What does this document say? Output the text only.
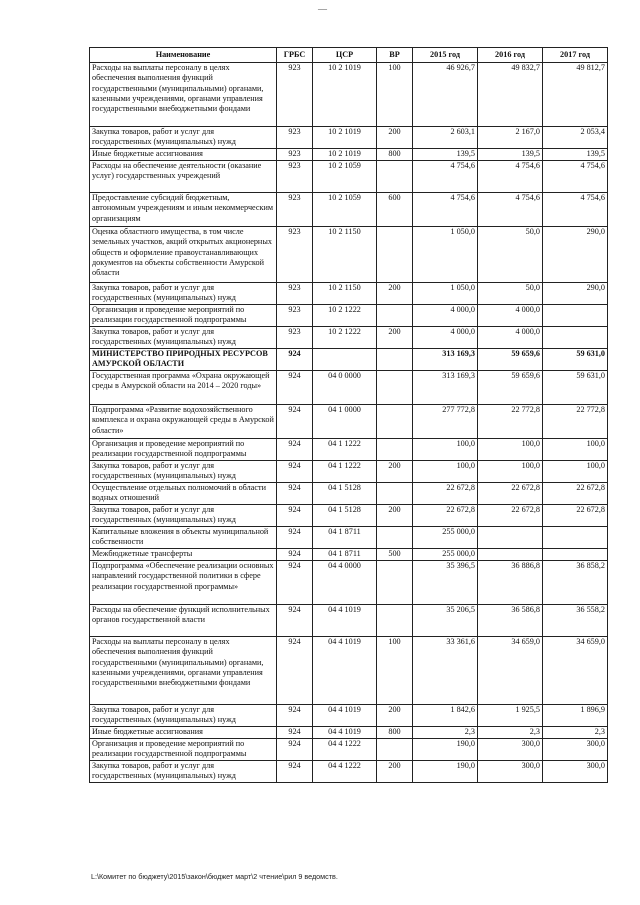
—
Наименование	ГРБС	ЦСР	ВР	2015 год	2016 год	2017 год
Расходы на выплаты персоналу в целях обеспечения выполнения функций государственными (муниципальными) органами, казенными учреждениями, органами управления государственными внебюджетными фондами	923	10 2 1019	100	46 926,7	49 832,7	49 812,7
Закупка товаров, работ и услуг для государственных (муниципальных) нужд	923	10 2 1019	200	2 603,1	2 167,0	2 053,4
Иные бюджетные ассигнования	923	10 2 1019	800	139,5	139,5	139,5
Расходы на обеспечение деятельности (оказание услуг) государственных учреждений	923	10 2 1059		4 754,6	4 754,6	4 754,6
Предоставление субсидий бюджетным, автономным учреждениям и иным некоммерческим организациям	923	10 2 1059	600	4 754,6	4 754,6	4 754,6
Оценка областного имущества, в том числе земельных участков, акций открытых акционерных обществ и оформление правоустанавливающих документов на объекты собственности Амурской области	923	10 2 1150		1 050,0	50,0	290,0
Закупка товаров, работ и услуг для государственных (муниципальных) нужд	923	10 2 1150	200	1 050,0	50,0	290,0
Организация и проведение мероприятий по реализации государственной подпрограммы	923	10 2 1222		4 000,0	4 000,0	
Закупка товаров, работ и услуг для государственных (муниципальных) нужд	923	10 2 1222	200	4 000,0	4 000,0	
МИНИСТЕРСТВО ПРИРОДНЫХ РЕСУРСОВ АМУРСКОЙ ОБЛАСТИ	924			313 169,3	59 659,6	59 631,0
Государственная программа «Охрана окружающей среды в Амурской области на 2014 – 2020 годы»	924	04 0 0000		313 169,3	59 659,6	59 631,0
Подпрограмма «Развитие водохозяйственного комплекса и охрана окружающей среды в Амурской области»	924	04 1 0000		277 772,8	22 772,8	22 772,8
Организация и проведение мероприятий по реализации государственной подпрограммы	924	04 1 1222		100,0	100,0	100,0
Закупка товаров, работ и услуг для государственных (муниципальных) нужд	924	04 1 1222	200	100,0	100,0	100,0
Осуществление отдельных полномочий в области водных отношений	924	04 1 5128		22 672,8	22 672,8	22 672,8
Закупка товаров, работ и услуг для государственных (муниципальных) нужд	924	04 1 5128	200	22 672,8	22 672,8	22 672,8
Капитальные вложения в объекты муниципальной собственности	924	04 1 8711		255 000,0		
Межбюджетные трансферты	924	04 1 8711	500	255 000,0		
Подпрограмма «Обеспечение реализации основных направлений государственной политики в сфере реализации государственной программы»	924	04 4 0000		35 396,5	36 886,8	36 858,2
Расходы на обеспечение функций исполнительных органов государственной власти	924	04 4 1019		35 206,5	36 586,8	36 558,2
Расходы на выплаты персоналу в целях обеспечения выполнения функций государственными (муниципальными) органами, казенными учреждениями, органами управления государственными внебюджетными фондами	924	04 4 1019	100	33 361,6	34 659,0	34 659,0
Закупка товаров, работ и услуг для государственных (муниципальных) нужд	924	04 4 1019	200	1 842,6	1 925,5	1 896,9
Иные бюджетные ассигнования	924	04 4 1019	800	2,3	2,3	2,3
Организация и проведение мероприятий по реализации государственной подпрограммы	924	04 4 1222		190,0	300,0	300,0
Закупка товаров, работ и услуг для государственных (муниципальных) нужд	924	04 4 1222	200	190,0	300,0	300,0
L:\Комитет по бюджету\2015\закон\бюджет март\2 чтение\рил 9 ведомств.
